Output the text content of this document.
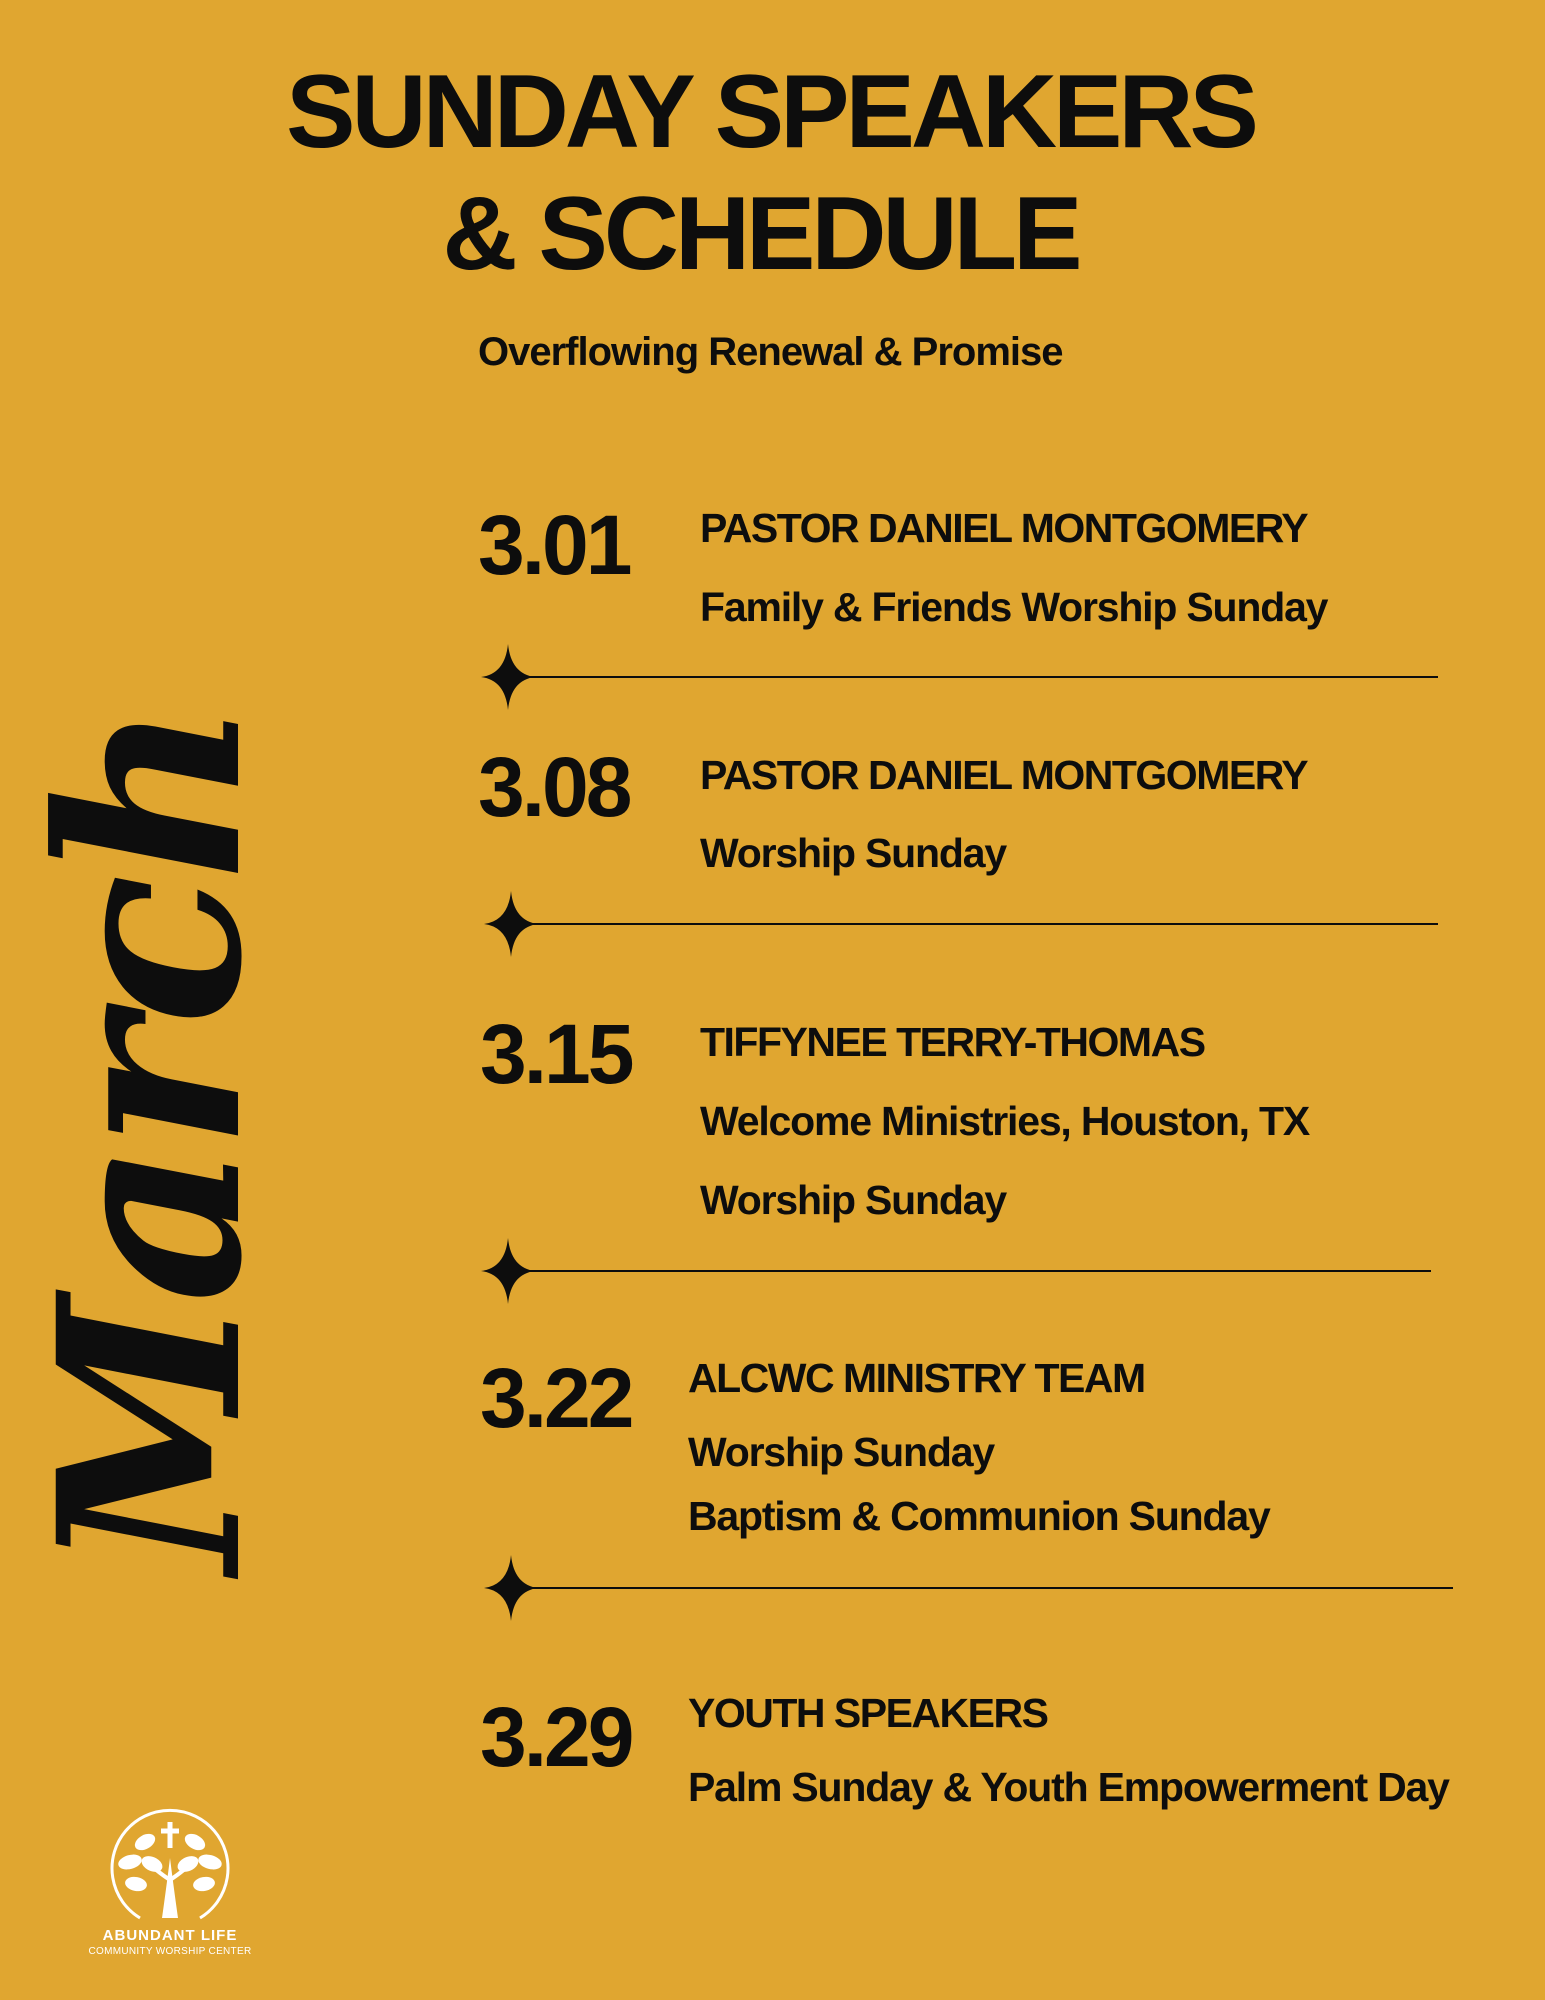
SUNDAY SPEAKERS
& SCHEDULE
Overflowing Renewal & Promise
March
3.01 PASTOR DANIEL MONTGOMERY
Family & Friends Worship Sunday
3.08 PASTOR DANIEL MONTGOMERY
Worship Sunday
3.15 TIFFYNEE TERRY-THOMAS
Welcome Ministries, Houston, TX
Worship Sunday
3.22 ALCWC MINISTRY TEAM
Worship Sunday
Baptism & Communion Sunday
3.29 YOUTH SPEAKERS
Palm Sunday & Youth Empowerment Day
ABUNDANT LIFE
COMMUNITY WORSHIP CENTER
